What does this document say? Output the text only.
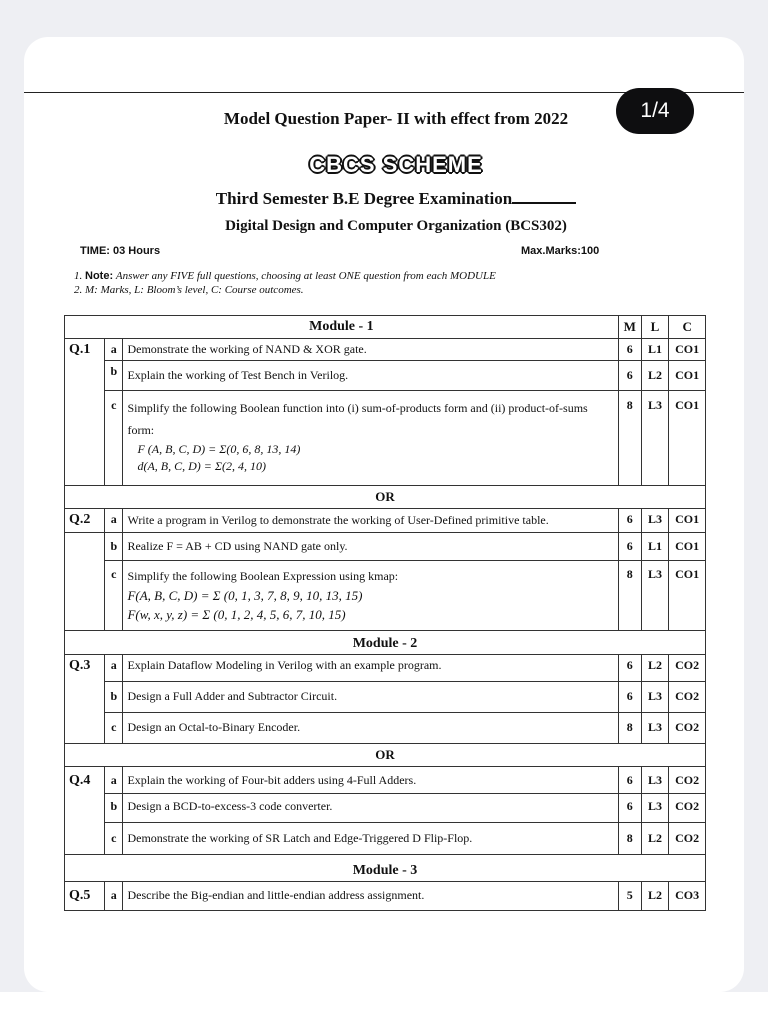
Model Question Paper- II with effect from 2022

CBCS SCHEME

Third Semester B.E Degree Examination

Digital Design and Computer Organization (BCS302)

TIME: 03 Hours	Max.Marks:100
1. Note: Answer any FIVE full questions, choosing at least ONE question from each MODULE
2. M: Marks, L: Bloom’s level, C: Course outcomes.
Module - 1			M	L	C
Q.1	a	Demonstrate the working of NAND & XOR gate.	6	L1	CO1
	b	Explain the working of Test Bench in Verilog.	6	L2	CO1
	c	Simplify the following Boolean function into (i) sum-of-products form and (ii) product-of-sums form:
F (A, B, C, D) = Σ(0, 6, 8, 13, 14)
d(A, B, C, D) = Σ(2, 4, 10)	8	L3	CO1
OR					
Q.2	a	Write a program in Verilog to demonstrate the working of User-Defined primitive table.	6	L3	CO1
	b	Realize F = AB + CD using NAND gate only.	6	L1	CO1
	c	Simplify the following Boolean Expression using kmap:
F(A, B, C, D) = Σ (0, 1, 3, 7, 8, 9, 10, 13, 15)
F(w, x, y, z) = Σ (0, 1, 2, 4, 5, 6, 7, 10, 15)	8	L3	CO1
Module - 2					
Q.3	a	Explain Dataflow Modeling in Verilog with an example program.	6	L2	CO2
	b	Design a Full Adder and Subtractor Circuit.	6	L3	CO2
	c	Design an Octal-to-Binary Encoder.	8	L3	CO2
OR					
Q.4	a	Explain the working of Four-bit adders using 4-Full Adders.	6	L3	CO2
	b	Design a BCD-to-excess-3 code converter.	6	L3	CO2
	c	Demonstrate the working of SR Latch and Edge-Triggered D Flip-Flop.	8	L2	CO2
Module - 3					
Q.5	a	Describe the Big-endian and little-endian address assignment.	5	L2	CO3
1/4
